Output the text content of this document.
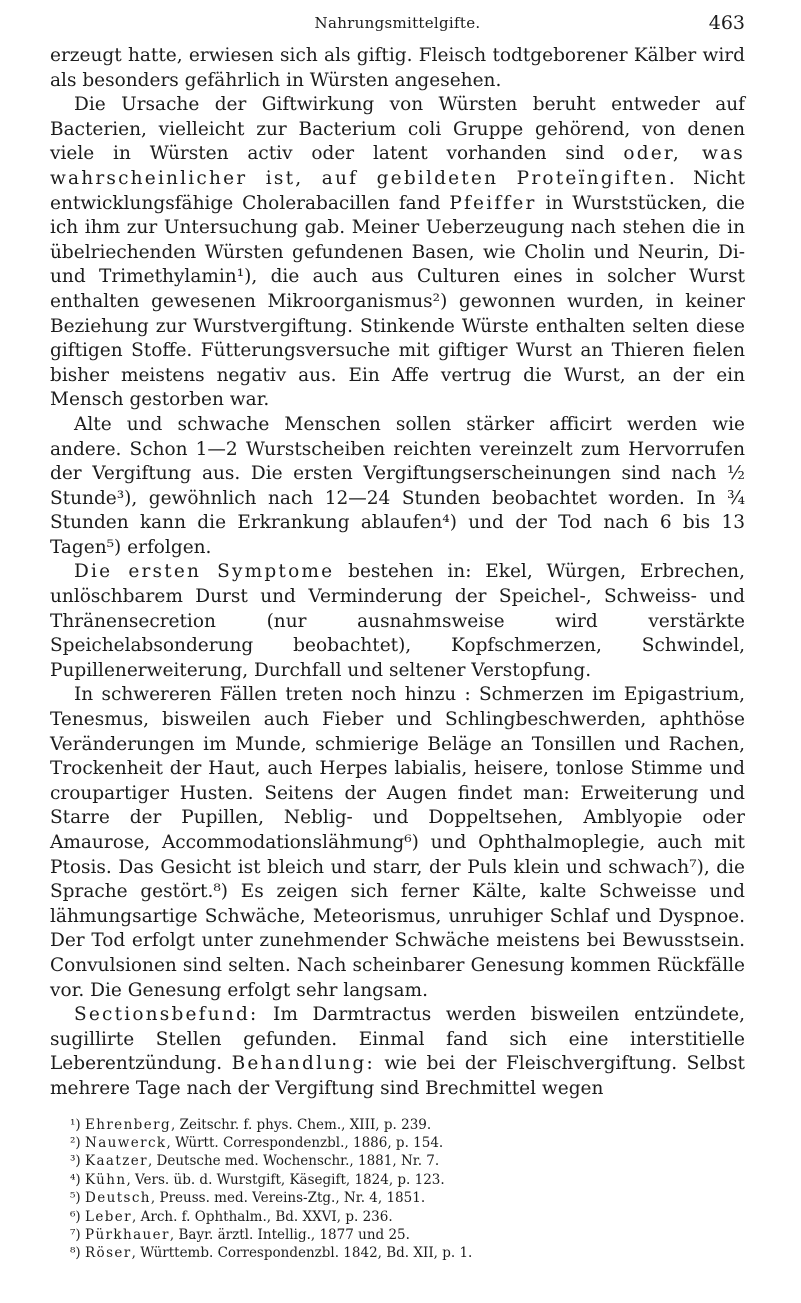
Nahrungsmittelgifte.	463

erzeugt hatte, erwiesen sich als giftig. Fleisch todtgeborener Kälber wird als besonders gefährlich in Würsten angesehen.

Die Ursache der Giftwirkung von Würsten beruht entweder auf Bacterien, vielleicht zur Bacterium coli Gruppe gehörend, von denen viele in Würsten activ oder latent vorhanden sind oder, was wahrscheinlicher ist, auf gebildeten Proteïngiften. Nicht entwicklungsfähige Cholerabacillen fand Pfeiffer in Wurststücken, die ich ihm zur Untersuchung gab. Meiner Ueberzeugung nach stehen die in übelriechenden Würsten gefundenen Basen, wie Cholin und Neurin, Di- und Trimethylamin¹), die auch aus Culturen eines in solcher Wurst enthalten gewesenen Mikroorganismus²) gewonnen wurden, in keiner Beziehung zur Wurstvergiftung. Stinkende Würste enthalten selten diese giftigen Stoffe. Fütterungsversuche mit giftiger Wurst an Thieren fielen bisher meistens negativ aus. Ein Affe vertrug die Wurst, an der ein Mensch gestorben war.

Alte und schwache Menschen sollen stärker afficirt werden wie andere. Schon 1—2 Wurstscheiben reichten vereinzelt zum Hervorrufen der Vergiftung aus. Die ersten Vergiftungserscheinungen sind nach ½ Stunde³), gewöhnlich nach 12—24 Stunden beobachtet worden. In ¾ Stunden kann die Erkrankung ablaufen⁴) und der Tod nach 6 bis 13 Tagen⁵) erfolgen.

Die ersten Symptome bestehen in: Ekel, Würgen, Erbrechen, unlöschbarem Durst und Verminderung der Speichel-, Schweiss- und Thränensecretion (nur ausnahmsweise wird verstärkte Speichelabsonderung beobachtet), Kopfschmerzen, Schwindel, Pupillenerweiterung, Durchfall und seltener Verstopfung.

In schwereren Fällen treten noch hinzu : Schmerzen im Epigastrium, Tenesmus, bisweilen auch Fieber und Schlingbeschwerden, aphthöse Veränderungen im Munde, schmierige Beläge an Tonsillen und Rachen, Trockenheit der Haut, auch Herpes labialis, heisere, tonlose Stimme und croupartiger Husten. Seitens der Augen findet man: Erweiterung und Starre der Pupillen, Neblig- und Doppeltsehen, Amblyopie oder Amaurose, Accommodationslähmung⁶) und Ophthalmoplegie, auch mit Ptosis. Das Gesicht ist bleich und starr, der Puls klein und schwach⁷), die Sprache gestört.⁸) Es zeigen sich ferner Kälte, kalte Schweisse und lähmungsartige Schwäche, Meteorismus, unruhiger Schlaf und Dyspnoe. Der Tod erfolgt unter zunehmender Schwäche meistens bei Bewusstsein. Convulsionen sind selten. Nach scheinbarer Genesung kommen Rückfälle vor. Die Genesung erfolgt sehr langsam.

Sectionsbefund: Im Darmtractus werden bisweilen entzündete, sugillirte Stellen gefunden. Einmal fand sich eine interstitielle Leberentzündung. Behandlung: wie bei der Fleischvergiftung. Selbst mehrere Tage nach der Vergiftung sind Brechmittel wegen

¹) Ehrenberg, Zeitschr. f. phys. Chem., XIII, p. 239.

²) Nauwerck, Württ. Correspondenzbl., 1886, p. 154.

³) Kaatzer, Deutsche med. Wochenschr., 1881, Nr. 7.

⁴) Kühn, Vers. üb. d. Wurstgift, Käsegift, 1824, p. 123.

⁵) Deutsch, Preuss. med. Vereins-Ztg., Nr. 4, 1851.

⁶) Leber, Arch. f. Ophthalm., Bd. XXVI, p. 236.

⁷) Pürkhauer, Bayr. ärztl. Intellig., 1877 und 25.

⁸) Röser, Württemb. Correspondenzbl. 1842, Bd. XII, p. 1.
